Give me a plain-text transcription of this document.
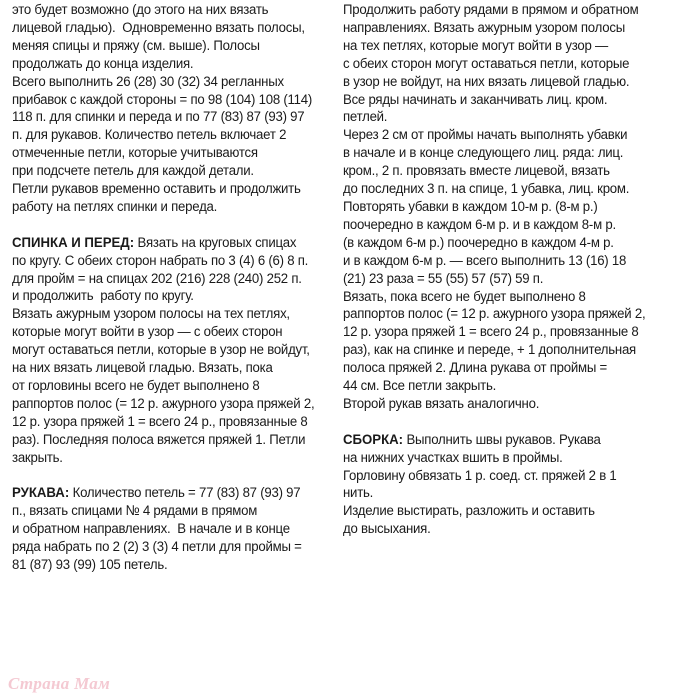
это будет возможно (до этого на них вязать
лицевой гладью).  Одновременно вязать полосы,
меняя спицы и пряжу (см. выше). Полосы
продолжать до конца изделия.
Всего выполнить 26 (28) 30 (32) 34 регланных
прибавок с каждой стороны = по 98 (104) 108 (114)
118 п. для спинки и переда и по 77 (83) 87 (93) 97
п. для рукавов. Количество петель включает 2
отмеченные петли, которые учитываются
при подсчете петель для каждой детали.
Петли рукавов временно оставить и продолжить
работу на петлях спинки и переда.
СПИНКА И ПЕРЕД: Вязать на круговых спицах
по кругу. С обеих сторон набрать по 3 (4) 6 (6) 8 п.
для пройм = на спицах 202 (216) 228 (240) 252 п.
и продолжить  работу по кругу.
Вязать ажурным узором полосы на тех петлях,
которые могут войти в узор — с обеих сторон
могут оставаться петли, которые в узор не войдут,
на них вязать лицевой гладью. Вязать, пока
от горловины всего не будет выполнено 8
раппортов полос (= 12 р. ажурного узора пряжей 2,
12 р. узора пряжей 1 = всего 24 р., провязанные 8
раз). Последняя полоса вяжется пряжей 1. Петли
закрыть.
РУКАВА: Количество петель = 77 (83) 87 (93) 97
п., вязать спицами № 4 рядами в прямом
и обратном направлениях.  В начале и в конце
ряда набрать по 2 (2) 3 (3) 4 петли для проймы =
81 (87) 93 (99) 105 петель.
Продолжить работу рядами в прямом и обратном
направлениях. Вязать ажурным узором полосы
на тех петлях, которые могут войти в узор —
с обеих сторон могут оставаться петли, которые
в узор не войдут, на них вязать лицевой гладью.
Все ряды начинать и заканчивать лиц. кром.
петлей.
Через 2 см от проймы начать выполнять убавки
в начале и в конце следующего лиц. ряда: лиц.
кром., 2 п. провязать вместе лицевой, вязать
до последних 3 п. на спице, 1 убавка, лиц. кром.
Повторять убавки в каждом 10-м р. (8-м р.)
поочередно в каждом 6-м р. и в каждом 8-м р.
(в каждом 6-м р.) поочередно в каждом 4-м р.
и в каждом 6-м р. — всего выполнить 13 (16) 18
(21) 23 раза = 55 (55) 57 (57) 59 п.
Вязать, пока всего не будет выполнено 8
раппортов полос (= 12 р. ажурного узора пряжей 2,
12 р. узора пряжей 1 = всего 24 р., провязанные 8
раз), как на спинке и переде, + 1 дополнительная
полоса пряжей 2. Длина рукава от проймы =
44 см. Все петли закрыть.
Второй рукав вязать аналогично.
СБОРКА: Выполнить швы рукавов. Рукава
на нижних участках вшить в проймы.
Горловину обвязать 1 р. соед. ст. пряжей 2 в 1
нить.
Изделие выстирать, разложить и оставить
до высыхания.
Страна Мам
